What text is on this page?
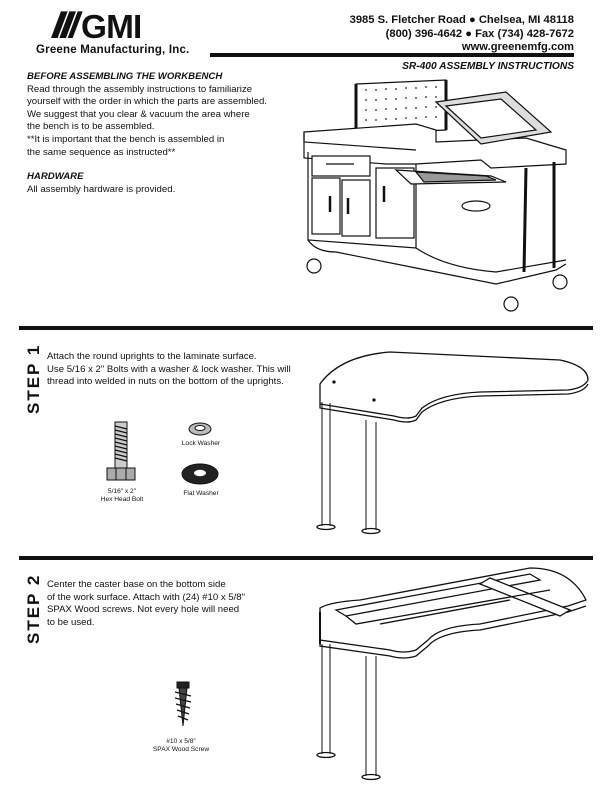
GMI
Greene Manufacturing, Inc.
3985 S. Fletcher Road ● Chelsea, MI 48118
(800) 396-4642 ● Fax (734) 428-7672
www.greenemfg.com
SR-400 ASSEMBLY INSTRUCTIONS
BEFORE ASSEMBLING THE WORKBENCH
Read through the assembly instructions to familiarize
yourself with the order in which the parts are assembled.
We suggest that you clear & vacuum the area where
the bench is to be assembled.
**It is important that the bench is assembled in
the same sequence as instructed**
HARDWARE
All assembly hardware is provided.
STEP 1 Attach the round uprights to the laminate surface.
Use 5/16 x 2" Bolts with a washer & lock washer. This will
thread into welded in nuts on the bottom of the uprights.
5/16" x 2"
Hex Head Bolt
Lock Washer
Flat Washer
STEP 2 Center the caster base on the bottom side
of the work surface. Attach with (24) #10 x 5/8"
SPAX Wood screws. Not every hole will need
to be used.
#10 x 5/8"
SPAX Wood Screw
